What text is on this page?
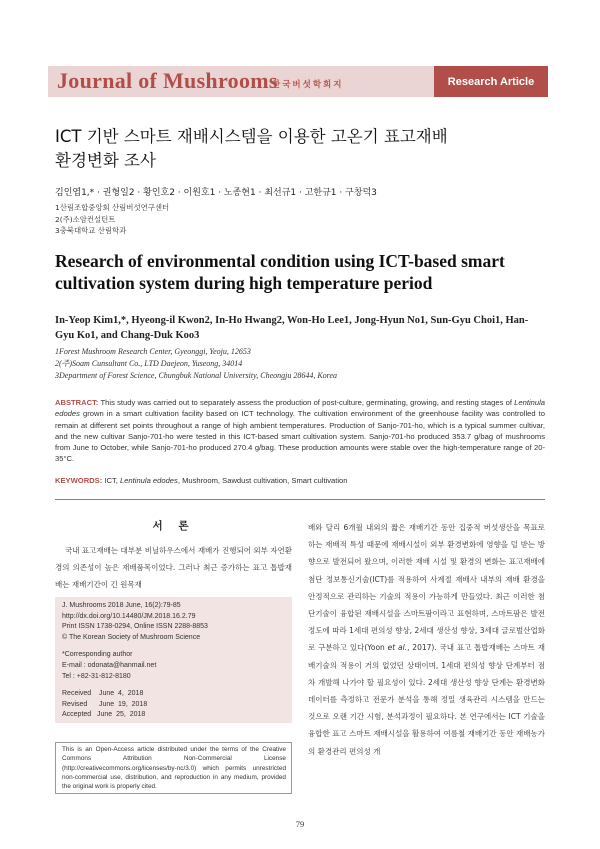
Journal of Mushrooms
한국버섯학회지	Research Article
ICT 기반 스마트 재배시스템을 이용한 고온기 표고재배
환경변화 조사
김인엽1,* · 권형일2 · 황인호2 · 이원호1 · 노종현1 · 최선규1 · 고한규1 · 구창덕3
1산림조합중앙회 산림버섯연구센터
2(주)소암컨설턴트
3충북대학교 산림학과
Research of environmental condition using ICT-based smart cultivation system during high temperature period
In-Yeop Kim1,*, Hyeong-il Kwon2, In-Ho Hwang2, Won-Ho Lee1, Jong-Hyun No1, Sun-Gyu Choi1, Han-Gyu Ko1, and Chang-Duk Koo3
1Forest Mushroom Research Center, Gyeonggi, Yeoju, 12653
2(주)Soam Cunsultant Co., LTD Daejeon, Yuseong, 34014
3Department of Forest Science, Chungbuk National University, Cheongju 28644, Korea
ABSTRACT: This study was carried out to separately assess the production of post-culture, germinating, growing, and resting stages of Lentinula edodes grown in a smart cultivation facility based on ICT technology. The cultivation environment of the greenhouse facility was controlled to remain at different set points throughout a range of high ambient temperatures. Production of Sanjo-701-ho, which is a typical summer cultivar, and the new cultivar Sanjo-701-ho were tested in this ICT-based smart cultivation system. Sanjo-701-ho produced 353.7 g/bag of mushrooms from June to October, while Sanjo-701-ho produced 270.4 g/bag. These production amounts were stable over the high-temperature range of 20-35°C.
KEYWORDS: ICT, Lentinula edodes, Mushroom, Sawdust cultivation, Smart cultivation
서 론

국내 표고재배는 대부분 비닐하우스에서 재배가 진행되어 외부 자연환경의 의존성이 높은 재배품목이었다. 그러나 최근 증가하는 표고 톱밥재배는 재배기간이 긴 원목재

J. Mushrooms 2018 June, 16(2):79-85
http://dx.doi.org/10.14480/JM.2018.16.2.79
Print ISSN 1738-0294, Online ISSN 2288-8853
© The Korean Society of Mushroom Science
*Corresponding author
E-mail : odonata@hanmail.net
Tel : +82-31-812-8180
Received    June  4,  2018
Revised      June  19,  2018
Accepted   June  25,  2018
This is an Open-Access article distributed under the terms of the Creative Commons Attribution Non-Commercial License (http://creativecommons.org/licenses/by-nc/3.0) which permits unrestricted non-commercial use, distribution, and reproduction in any medium, provided the original work is properly cited.
배와 달리 6개월 내외의 짧은 재배기간 동안 집중적 버섯생산을 목표로 하는 재배적 특성 때문에 재배시설이 외부 환경변화에 영향을 덜 받는 방향으로 발전되어 왔으며, 이러한 재배 시설 및 환경의 변화는 표고재배에 첨단 정보통신기술(ICT)를 적용하여 사계절 재배사 내부의 재배 환경을 안정적으로 관리하는 기술의 적용이 가능하게 만들었다. 최근 이러한 첨단기술이 융합된 재배시설을 스마트팜이라고 표현하며, 스마트팜은 발전정도에 따라 1세대 편의성 향상, 2세대 생산성 향상, 3세대 글로벌산업화로 구분하고 있다(Yoon et al., 2017). 국내 표고 톱밥재배는 스마트 재배기술의 적용이 거의 없었던 상태이며, 1세대 편의성 향상 단계부터 점차 개발해 나가야 할 필요성이 있다. 2세대 생산성 향상 단계는 환경변화 데이터를 측정하고 전문가 분석을 통해 정밀 생육관리 시스템을 만드는 것으로 오랜 기간 시험, 분석과정이 필요하다. 본 연구에서는 ICT 기술을 융합한 표고 스마트 재배시설을 활용하여 여름철 재배기간 동안 재배농가의 환경관리 편의성 개
79
